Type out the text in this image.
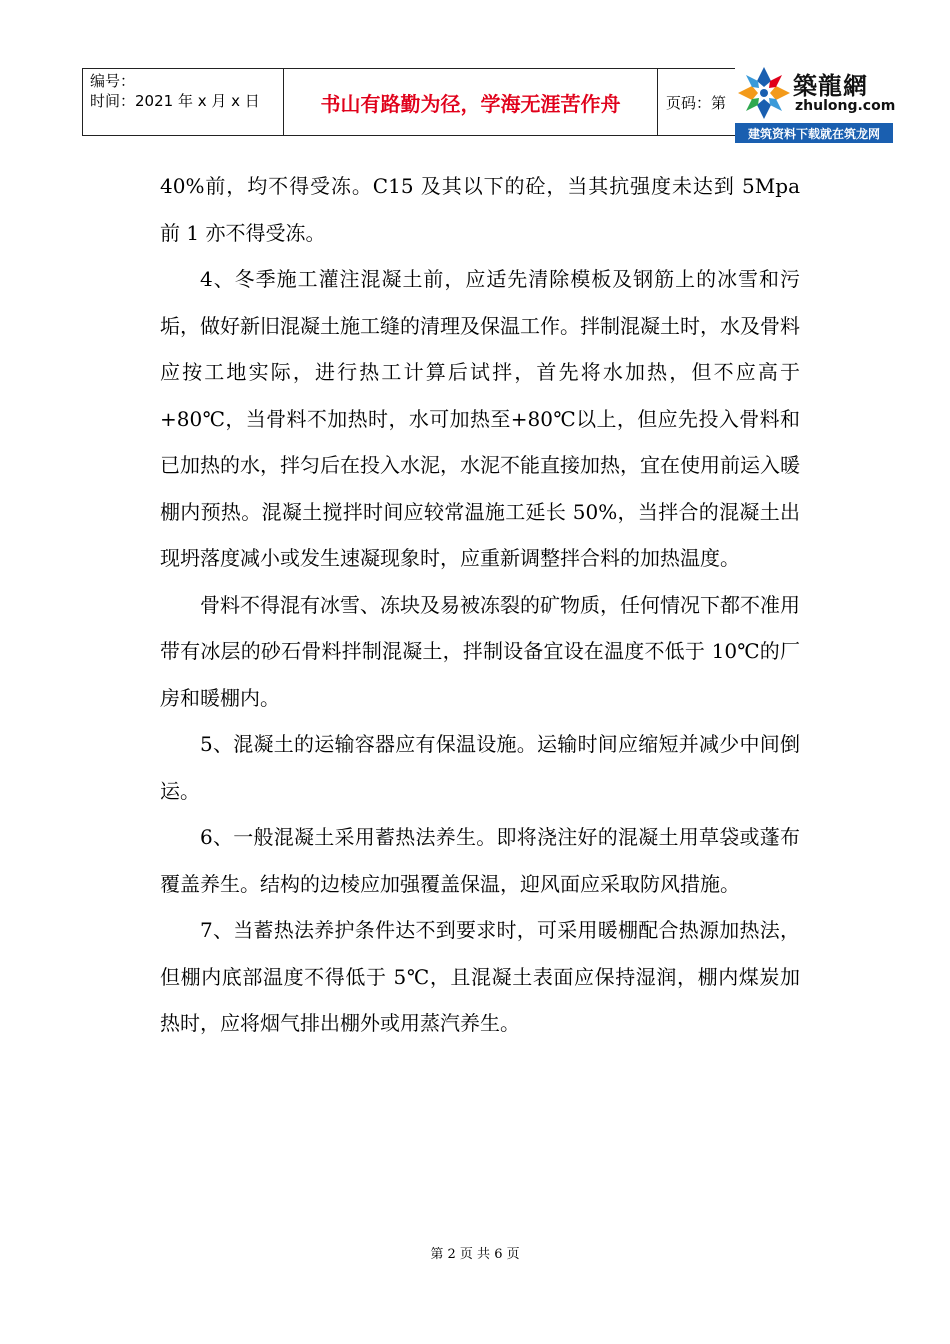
编号：
时间：2021 年 x 月 x 日	书山有路勤为径，学海无涯苦作舟	页码：第
築龍網
zhulong.com
建筑资料下载就在筑龙网

40%前，均不得受冻。C15 及其以下的砼，当其抗强度未达到 5Mpa 前 1 亦不得受冻。

4、冬季施工灌注混凝土前，应适先清除模板及钢筋上的冰雪和污垢，做好新旧混凝土施工缝的清理及保温工作。拌制混凝土时，水及骨料应按工地实际，进行热工计算后试拌，首先将水加热，但不应高于+80℃，当骨料不加热时，水可加热至+80℃以上，但应先投入骨料和已加热的水，拌匀后在投入水泥，水泥不能直接加热，宜在使用前运入暖棚内预热。混凝土搅拌时间应较常温施工延长 50%，当拌合的混凝土出现坍落度减小或发生速凝现象时，应重新调整拌合料的加热温度。

骨料不得混有冰雪、冻块及易被冻裂的矿物质，任何情况下都不准用带有冰层的砂石骨料拌制混凝土，拌制设备宜设在温度不低于 10℃的厂房和暖棚内。

5、混凝土的运输容器应有保温设施。运输时间应缩短并减少中间倒运。

6、一般混凝土采用蓄热法养生。即将浇注好的混凝土用草袋或蓬布覆盖养生。结构的边棱应加强覆盖保温，迎风面应采取防风措施。

7、当蓄热法养护条件达不到要求时，可采用暖棚配合热源加热法，但棚内底部温度不得低于 5℃，且混凝土表面应保持湿润，棚内煤炭加热时，应将烟气排出棚外或用蒸汽养生。

第 2 页 共 6 页
